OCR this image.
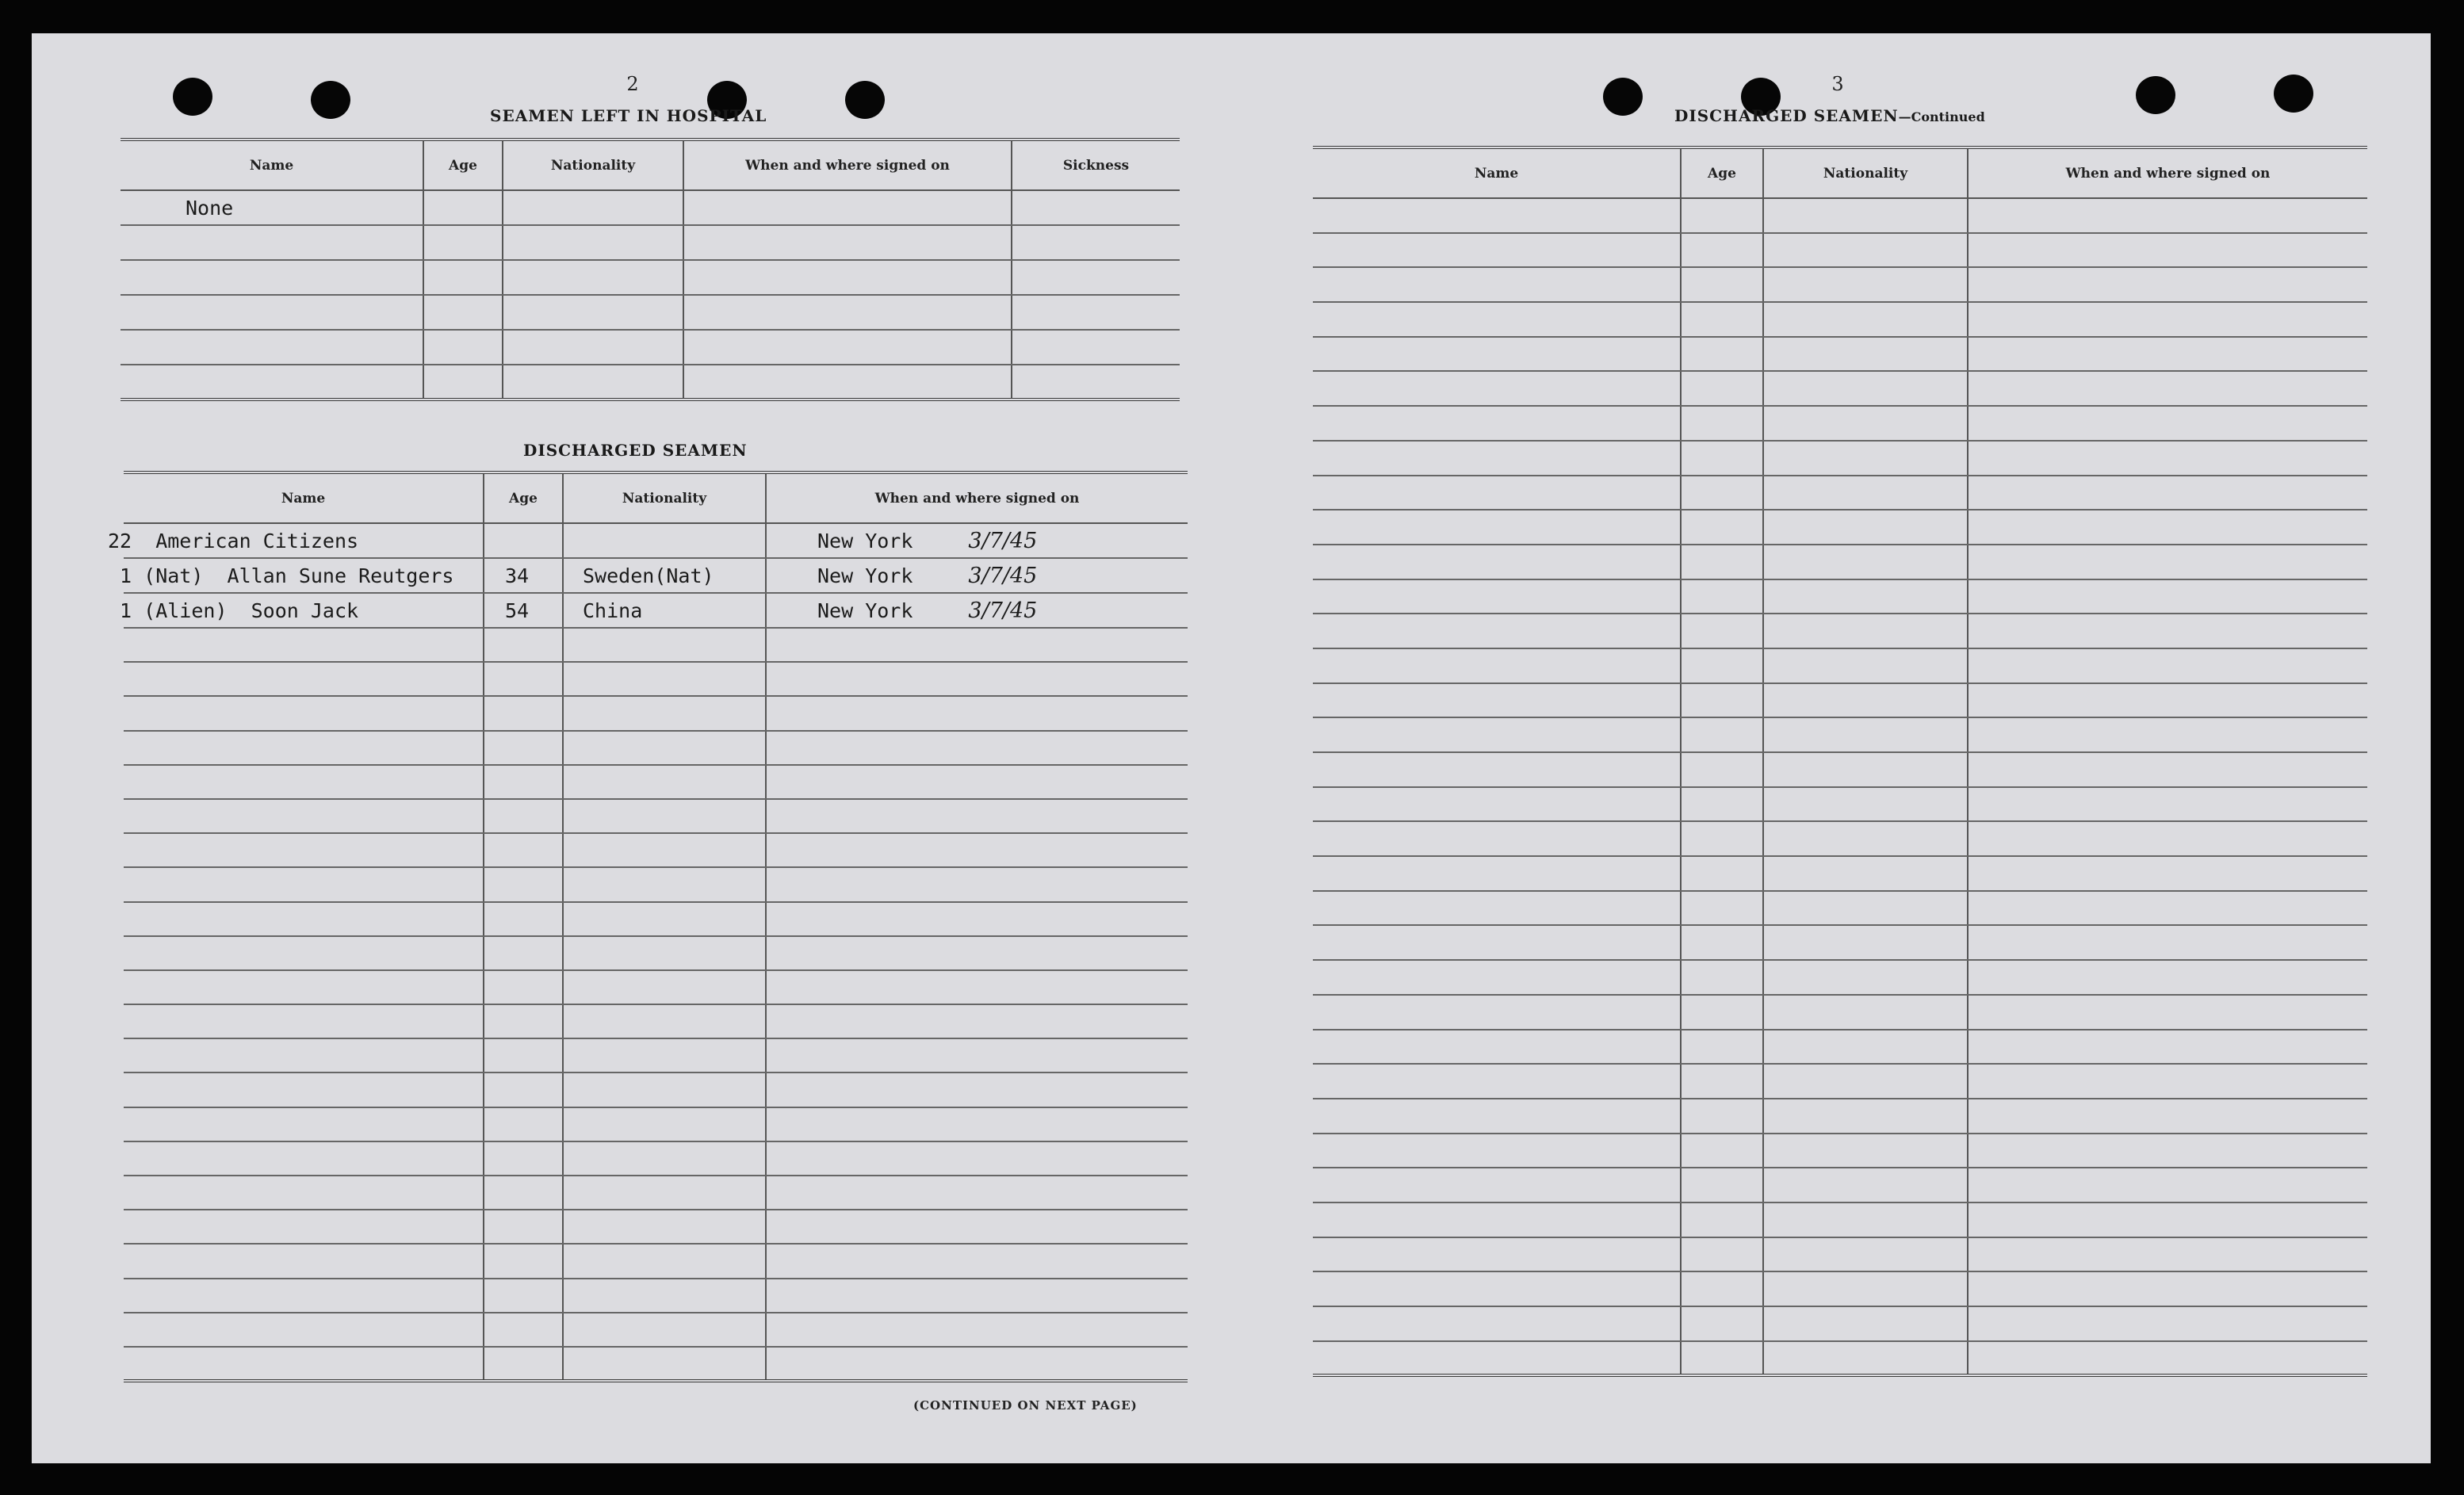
2
SEAMEN LEFT IN HOSPITAL
Name	Age	Nationality	When and where signed on	Sickness
None				

DISCHARGED SEAMEN
Name	Age	Nationality	When and where signed on
22  American Citizens			New York	3/7/45
1 (Nat)  Allan Sune Reutgers	34	Sweden(Nat)	New York	3/7/45
1 (Alien)  Soon Jack	54	China	New York	3/7/45

(CONTINUED ON NEXT PAGE)
3
DISCHARGED SEAMEN—Continued
Name	Age	Nationality	When and where signed on
